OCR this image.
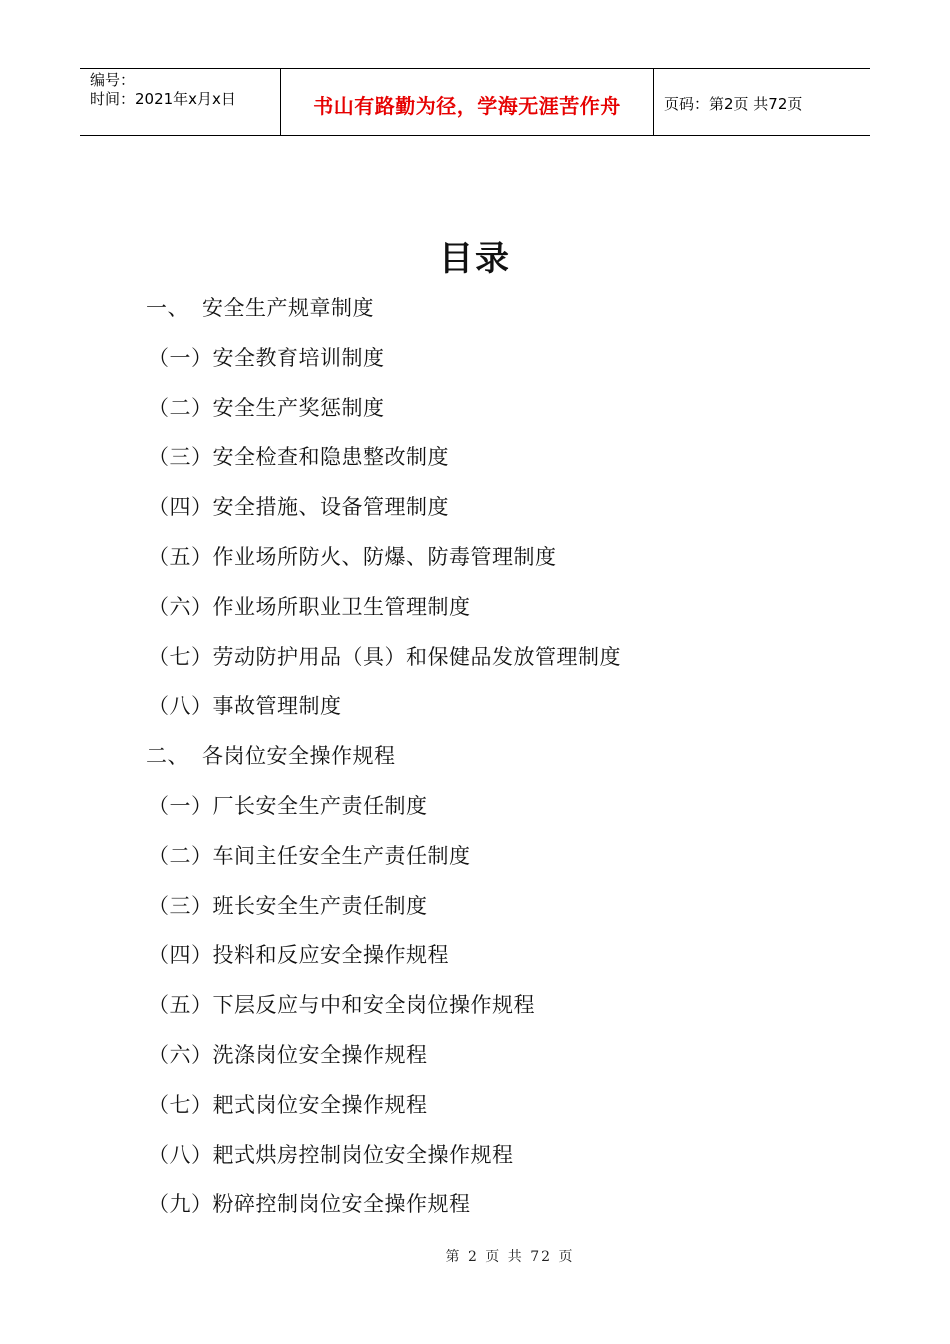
编号：
时间：2021年x月x日	书山有路勤为径，学海无涯苦作舟	页码：第2页 共72页
目录
一、 安全生产规章制度
（一）安全教育培训制度
（二）安全生产奖惩制度
（三）安全检查和隐患整改制度
（四）安全措施、设备管理制度
（五）作业场所防火、防爆、防毒管理制度
（六）作业场所职业卫生管理制度
（七）劳动防护用品（具）和保健品发放管理制度
（八）事故管理制度
二、 各岗位安全操作规程
（一）厂长安全生产责任制度
（二）车间主任安全生产责任制度
（三）班长安全生产责任制度
（四）投料和反应安全操作规程
（五）下层反应与中和安全岗位操作规程
（六）洗涤岗位安全操作规程
（七）耙式岗位安全操作规程
（八）耙式烘房控制岗位安全操作规程
（九）粉碎控制岗位安全操作规程
第 2 页 共 72 页
